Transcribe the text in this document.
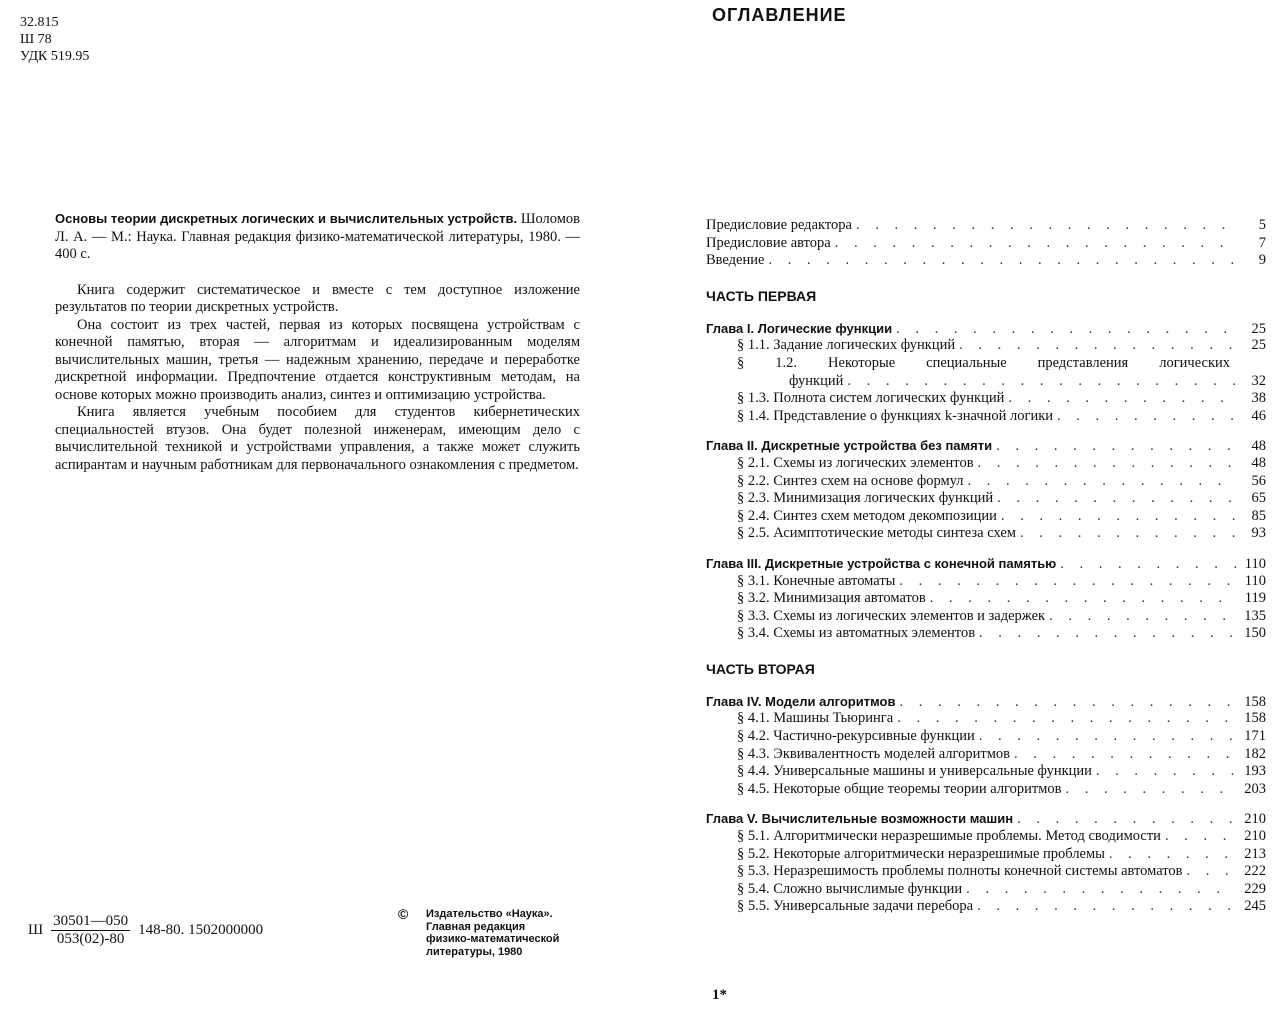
32.815
Ш 78
УДК 519.95

Основы теории дискретных логических и вычислительных устройств. Шоломов Л. А. — М.: Наука. Главная редакция физико-математической литературы, 1980. — 400 с.

Книга содержит систематическое и вместе с тем доступное изложение результатов по теории дискретных устройств.

Она состоит из трех частей, первая из которых посвящена устройствам с конечной памятью, вторая — алгоритмам и идеализированным моделям вычислительных машин, третья — надежным хранению, передаче и переработке дискретной информации. Предпочтение отдается конструктивным методам, на основе которых можно производить анализ, синтез и оптимизацию устройства.

Книга является учебным пособием для студентов кибернетических специальностей втузов. Она будет полезной инженерам, имеющим дело с вычислительной техникой и устройствами управления, а также может служить аспирантам и научным работникам для первоначального ознакомления с предметом.

Ш $\frac{30501—050}{053(02)-80} 148-80$. 1502000000
© Издательство «Наука».
Главная редакция
физико-математической
литературы, 1980
ОГЛАВЛЕНИЕ
Предисловие редактора . . .	5
Предисловие автора . . .	7
Введение . . .	9
ЧАСТЬ ПЕРВАЯ
Глава I. Логические функции . . .	25
§ 1.1. Задание логических функций . . .	25
§ 1.2. Некоторые специальные представления логических
функций . . .	32
§ 1.3. Полнота систем логических функций . . .	38
§ 1.4. Представление о функциях k-значной логики . . .	46
Глава II. Дискретные устройства без памяти . . .	48
§ 2.1. Схемы из логических элементов . . .	48
§ 2.2. Синтез схем на основе формул . . .	56
§ 2.3. Минимизация логических функций . . .	65
§ 2.4. Синтез схем методом декомпозиции . . .	85
§ 2.5. Асимптотические методы синтеза схем . . .	93
Глава III. Дискретные устройства с конечной памятью . . .	110
§ 3.1. Конечные автоматы . . .	110
§ 3.2. Минимизация автоматов . . .	119
§ 3.3. Схемы из логических элементов и задержек . . .	135
§ 3.4. Схемы из автоматных элементов . . .	150
ЧАСТЬ ВТОРАЯ
Глава IV. Модели алгоритмов . . .	158
§ 4.1. Машины Тьюринга . . .	158
§ 4.2. Частично-рекурсивные функции . . .	171
§ 4.3. Эквивалентность моделей алгоритмов . . .	182
§ 4.4. Универсальные машины и универсальные функции . . .	193
§ 4.5. Некоторые общие теоремы теории алгоритмов . . .	203
Глава V. Вычислительные возможности машин . . .	210
§ 5.1. Алгоритмически неразрешимые проблемы. Метод сводимости . . .	210
§ 5.2. Некоторые алгоритмически неразрешимые проблемы . . .	213
§ 5.3. Неразрешимость проблемы полноты конечной системы автоматов . . .	222
§ 5.4. Сложно вычислимые функции . . .	229
§ 5.5. Универсальные задачи перебора . . .	245
1*
